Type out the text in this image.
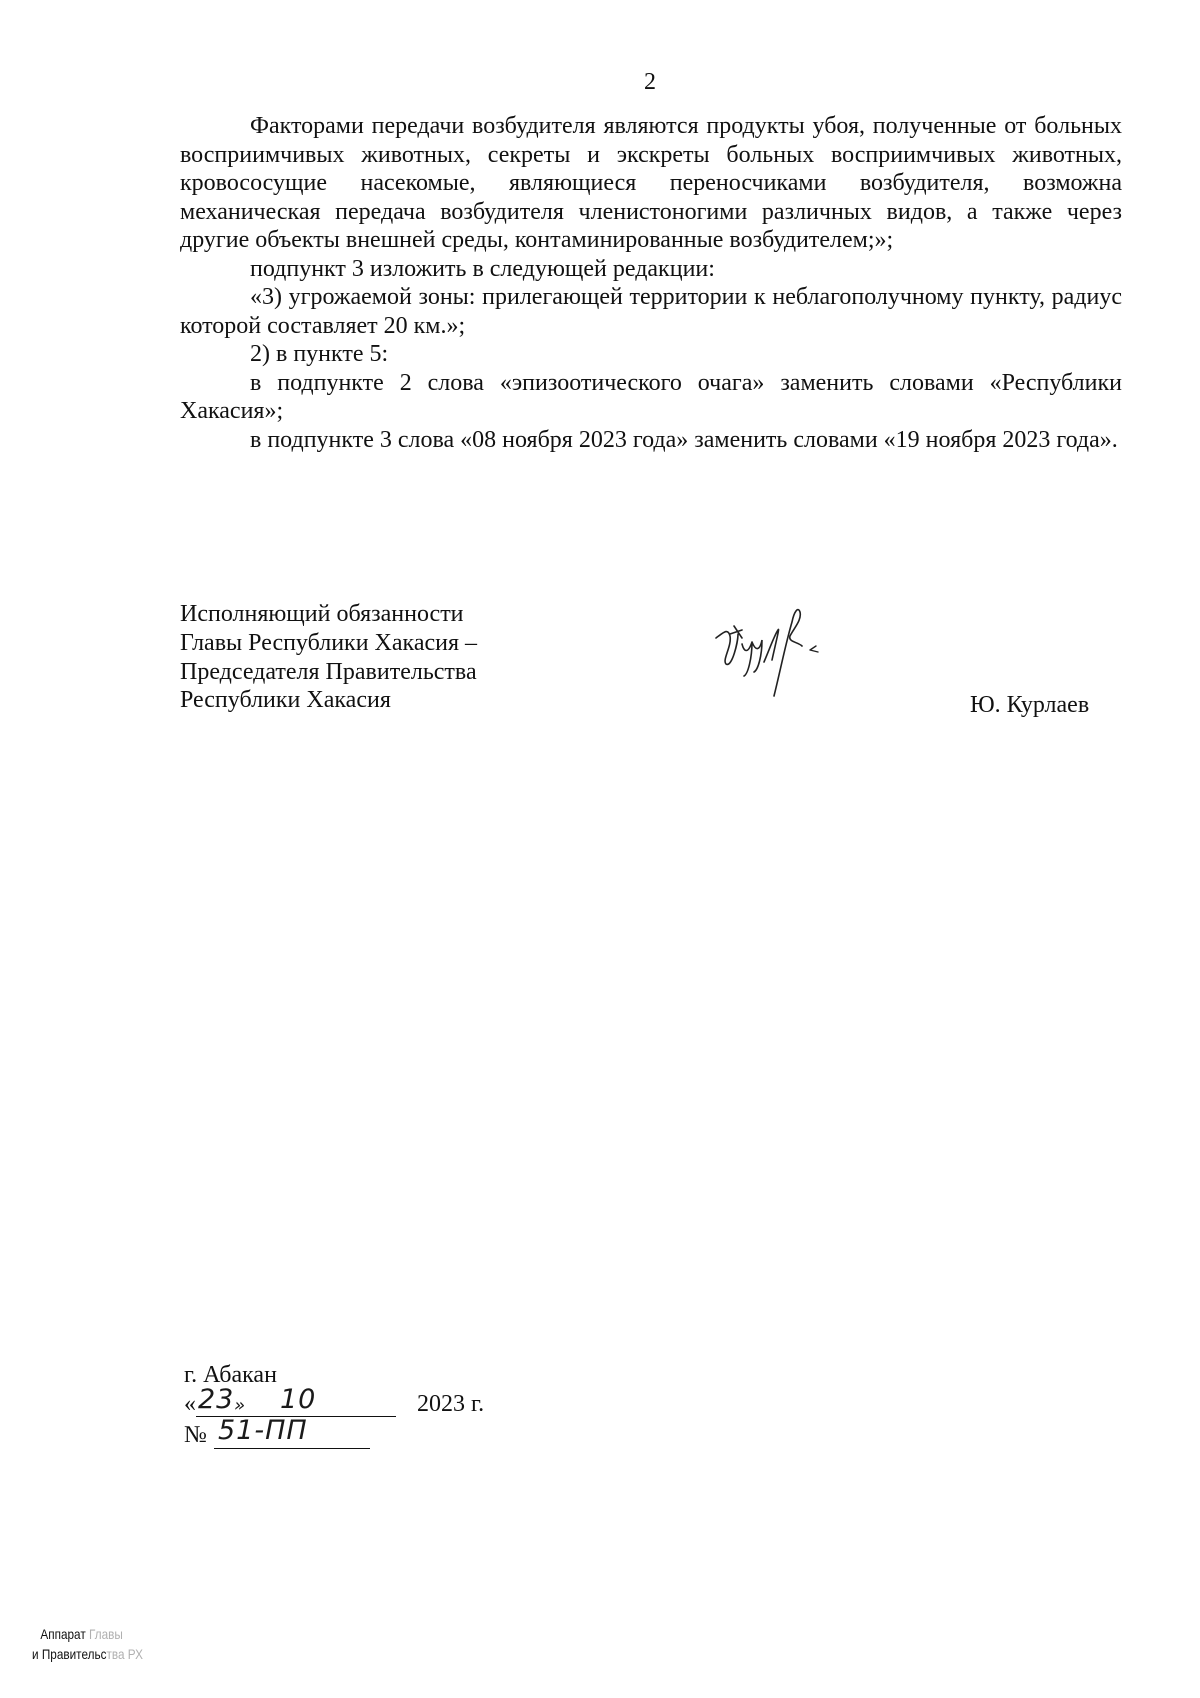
2

Факторами передачи возбудителя являются продукты убоя, полученные от больных восприимчивых животных, секреты и экскреты больных восприимчивых животных, кровососущие насекомые, являющиеся переносчиками возбудителя, возможна механическая передача возбудителя членистоногими различных видов, а также через другие объекты внешней среды, контаминированные возбудителем;»;

подпункт 3 изложить в следующей редакции:

«3) угрожаемой зоны: прилегающей территории к неблагополучному пункту, радиус которой составляет 20 км.»;

2) в пункте 5:

в подпункте 2 слова «эпизоотического очага» заменить словами «Республики Хакасия»;

в подпункте 3 слова «08 ноября 2023 года» заменить словами «19 ноября 2023 года».

Исполняющий обязанности
Главы Республики Хакасия –
Председателя Правительства
Республики Хакасия	Ю. Курлаев
г. Абакан
« 23 » 10	2023 г.
№ 51-ПП
Аппарат Главы
и Правительства РХ
